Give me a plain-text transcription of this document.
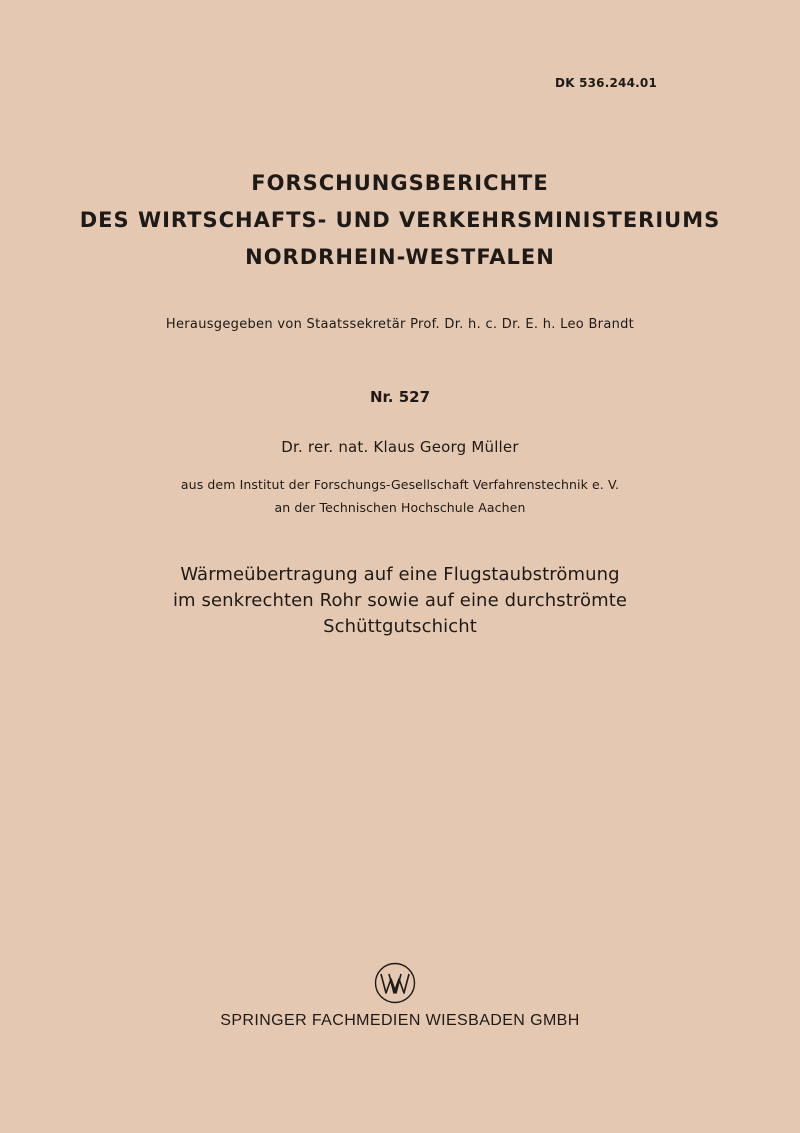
DK 536.244.01
FORSCHUNGSBERICHTE
DES WIRTSCHAFTS- UND VERKEHRSMINISTERIUMS
NORDRHEIN-WESTFALEN
Herausgegeben von Staatssekretär Prof. Dr. h. c. Dr. E. h. Leo Brandt
Nr. 527
Dr. rer. nat. Klaus Georg Müller
aus dem Institut der Forschungs-Gesellschaft Verfahrenstechnik e. V.
an der Technischen Hochschule Aachen
Wärmeübertragung auf eine Flugstaubströmung
im senkrechten Rohr sowie auf eine durchströmte
Schüttgutschicht
SPRINGER FACHMEDIEN WIESBADEN GMBH
